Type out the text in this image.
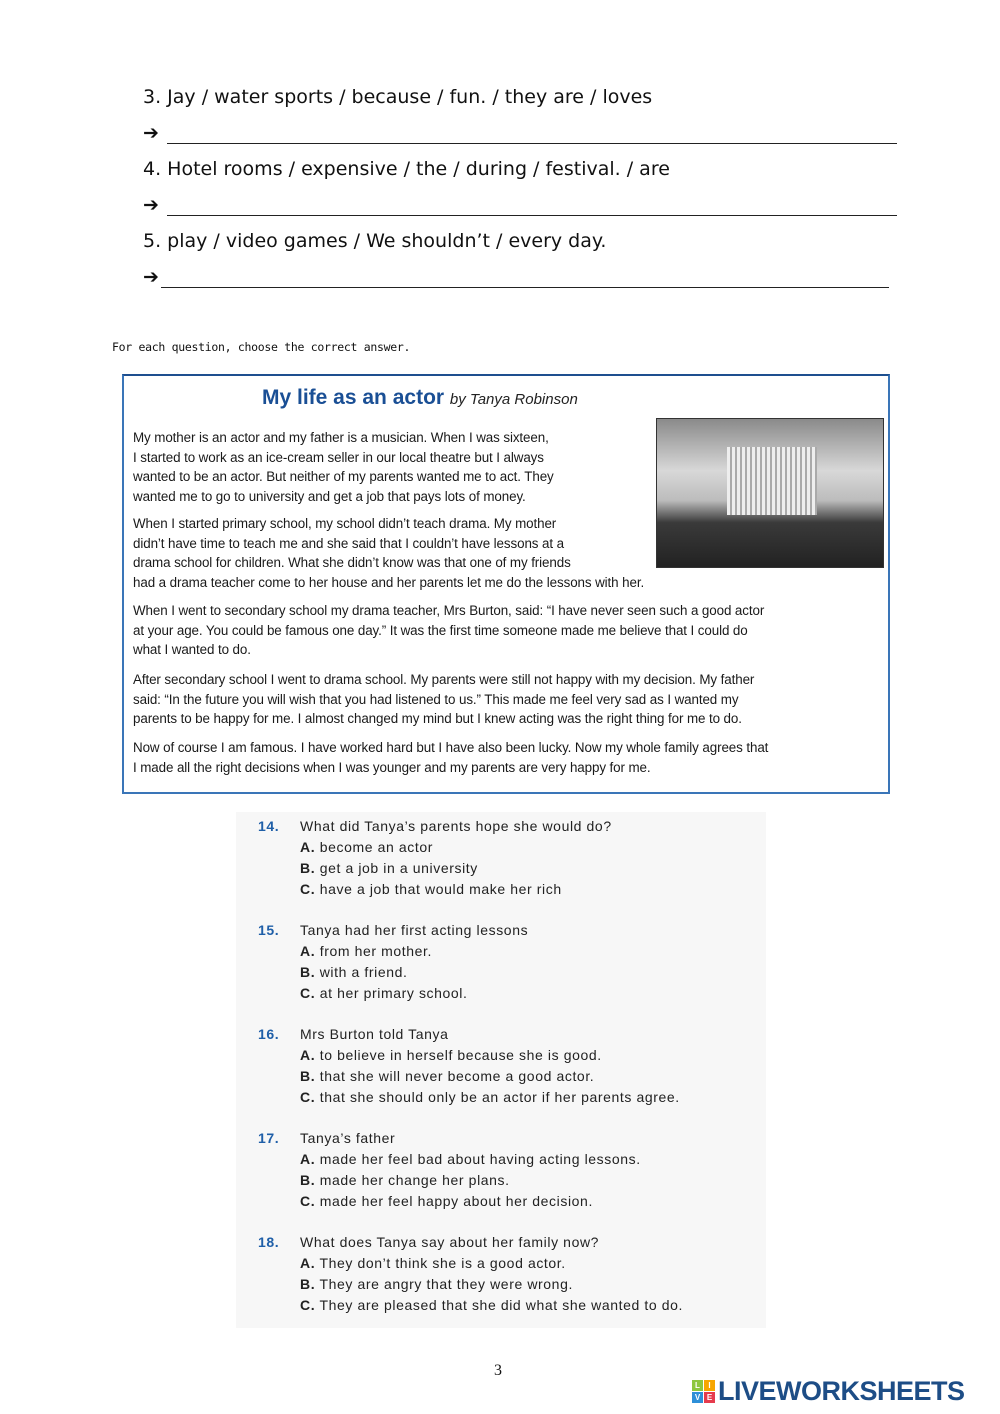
3. Jay / water sports / because / fun. / they are / loves
➔
4. Hotel rooms / expensive / the / during / festival. / are
➔
5. play / video games / We shouldn’t / every day.
➔
For each question, choose the correct answer.
My life as an actor by Tanya Robinson
My mother is an actor and my father is a musician. When I was sixteen,
I started to work as an ice-cream seller in our local theatre but I always
wanted to be an actor. But neither of my parents wanted me to act. They
wanted me to go to university and get a job that pays lots of money.
When I started primary school, my school didn’t teach drama. My mother
didn’t have time to teach me and she said that I couldn’t have lessons at a
drama school for children. What she didn’t know was that one of my friends
had a drama teacher come to her house and her parents let me do the lessons with her.
When I went to secondary school my drama teacher, Mrs Burton, said: “I have never seen such a good actor
at your age. You could be famous one day.” It was the first time someone made me believe that I could do
what I wanted to do.
After secondary school I went to drama school. My parents were still not happy with my decision. My father
said: “In the future you will wish that you had listened to us.” This made me feel very sad as I wanted my
parents to be happy for me. I almost changed my mind but I knew acting was the right thing for me to do.
Now of course I am famous. I have worked hard but I have also been lucky. Now my whole family agrees that
I made all the right decisions when I was younger and my parents are very happy for me.
14. What did Tanya’s parents hope she would do?
A. become an actor
B. get a job in a university
C. have a job that would make her rich
15. Tanya had her first acting lessons
A. from her mother.
B. with a friend.
C. at her primary school.
16. Mrs Burton told Tanya
A. to believe in herself because she is good.
B. that she will never become a good actor.
C. that she should only be an actor if her parents agree.
17. Tanya’s father
A. made her feel bad about having acting lessons.
B. made her change her plans.
C. made her feel happy about her decision.
18. What does Tanya say about her family now?
A. They don’t think she is a good actor.
B. They are angry that they were wrong.
C. They are pleased that she did what she wanted to do.
3
L	I
V E LIVEWORKSHEETS
